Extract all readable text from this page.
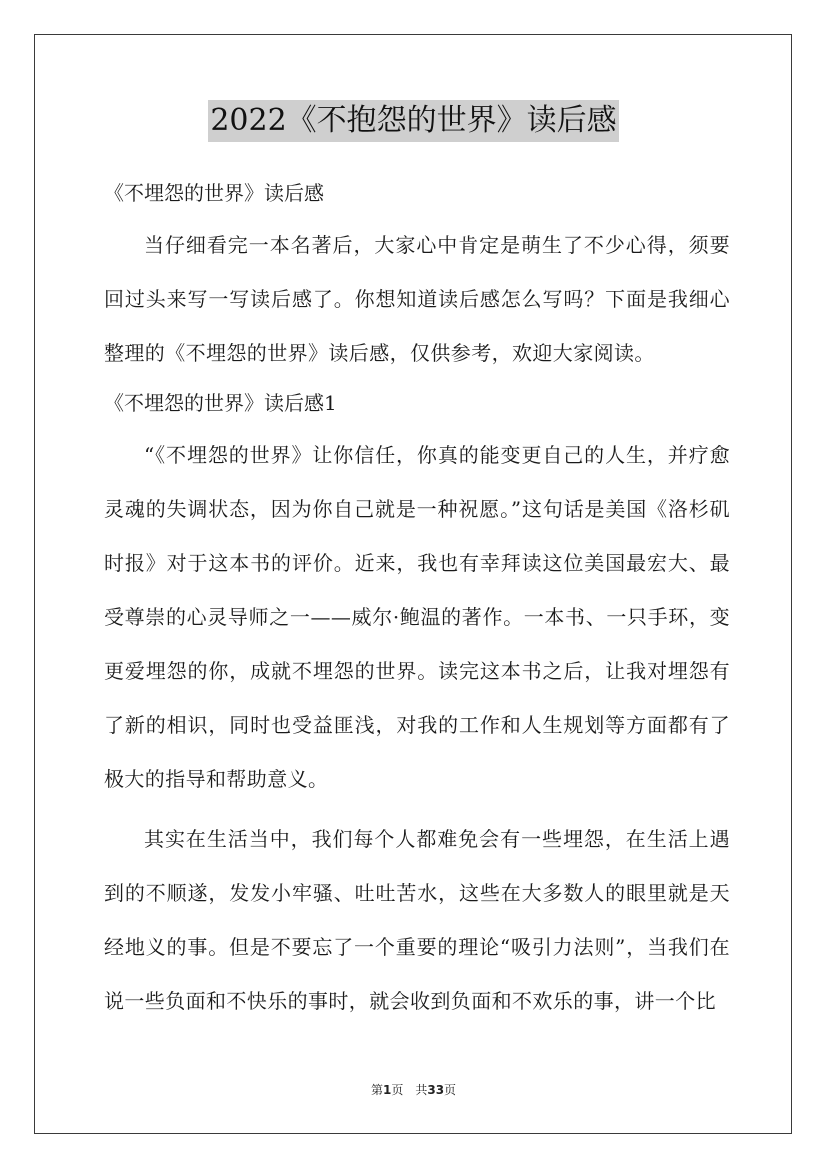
2022《不抱怨的世界》读后感

《不埋怨的世界》读后感

当仔细看完一本名著后，大家心中肯定是萌生了不少心得，须要回过头来写一写读后感了。你想知道读后感怎么写吗？下面是我细心整理的《不埋怨的世界》读后感，仅供参考，欢迎大家阅读。

《不埋怨的世界》读后感1

“《不埋怨的世界》让你信任，你真的能变更自己的人生，并疗愈灵魂的失调状态，因为你自己就是一种祝愿。”这句话是美国《洛杉矶时报》对于这本书的评价。近来，我也有幸拜读这位美国最宏大、最受尊崇的心灵导师之一——威尔·鲍温的著作。一本书、一只手环，变更爱埋怨的你，成就不埋怨的世界。读完这本书之后，让我对埋怨有了新的相识，同时也受益匪浅，对我的工作和人生规划等方面都有了极大的指导和帮助意义。

其实在生活当中，我们每个人都难免会有一些埋怨，在生活上遇到的不顺遂，发发小牢骚、吐吐苦水，这些在大多数人的眼里就是天经地义的事。但是不要忘了一个重要的理论“吸引力法则”，当我们在说一些负面和不快乐的事时，就会收到负面和不欢乐的事，讲一个比

第1页 共33页
